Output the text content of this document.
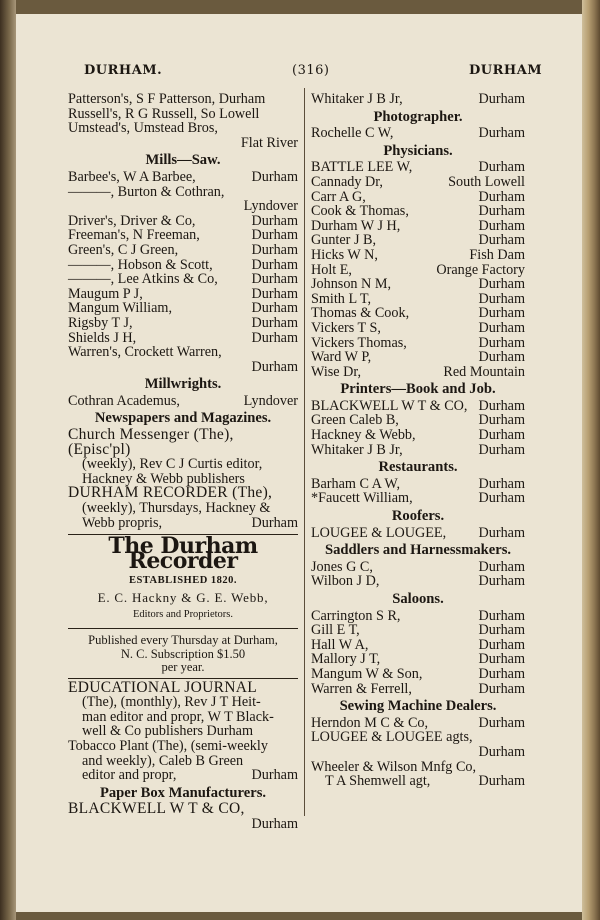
DURHAM.	(316)	DURHAM
Patterson's, S F Patterson, Durham
Russell's, R G Russell, So Lowell
Umstead's, Umstead Bros,
Flat River
Mills—Saw.
Barbee's, W A Barbee,	Durham
———, Burton & Cothran,
Lyndover
Driver's, Driver & Co,	Durham
Freeman's, N Freeman,	Durham
Green's, C J Green,	Durham
———, Hobson & Scott,	Durham
———, Lee Atkins & Co, Durham
Maugum P J,	Durham
Mangum William,	Durham
Rigsby T J,	Durham
Shields J H,	Durham
Warren's, Crockett Warren,
Durham
Millwrights.
Cothran Academus,	Lyndover
Newspapers and Magazines.
Church Messenger (The), (Episc'pl)
(weekly), Rev C J Curtis editor,
Hackney & Webb publishers
DURHAM RECORDER (The),
(weekly), Thursdays, Hackney &
Webb propris,	Durham
The Durham Recorder
ESTABLISHED 1820.
E. C. Hackny & G. E. Webb,
Editors and Proprietors.
Published every Thursday at Durham,
N. C. Subscription $1.50
per year.
EDUCATIONAL JOURNAL
(The), (monthly), Rev J T Heit-
man editor and propr, W T Black-
well & Co publishers Durham
Tobacco Plant (The), (semi-weekly
and weekly), Caleb B Green
editor and propr,	Durham
Paper Box Manufacturers.
BLACKWELL W T & CO,
Durham
Whitaker J B Jr,	Durham
Photographer.
Rochelle C W,	Durham
Physicians.
BATTLE LEE W,	Durham
Cannady Dr,	South Lowell
Carr A G,	Durham
Cook & Thomas,	Durham
Durham W J H,	Durham
Gunter J B,	Durham
Hicks W N,	Fish Dam
Holt E,	Orange Factory
Johnson N M,	Durham
Smith L T,	Durham
Thomas & Cook,	Durham
Vickers T S,	Durham
Vickers Thomas,	Durham
Ward W P,	Durham
Wise Dr,	Red Mountain
Printers—Book and Job.
BLACKWELL W T & CO, Durham
Green Caleb B,	Durham
Hackney & Webb,	Durham
Whitaker J B Jr,	Durham
Restaurants.
Barham C A W,	Durham
*Faucett William,	Durham
Roofers.
LOUGEE & LOUGEE, Durham
Saddlers and Harnessmakers.
Jones G C,	Durham
Wilbon J D,	Durham
Saloons.
Carrington S R,	Durham
Gill E T,	Durham
Hall W A,	Durham
Mallory J T,	Durham
Mangum W & Son,	Durham
Warren & Ferrell,	Durham
Sewing Machine Dealers.
Herndon M C & Co,	Durham
LOUGEE & LOUGEE agts,
Durham
Wheeler & Wilson Mnfg Co,
T A Shemwell agt,	Durham
